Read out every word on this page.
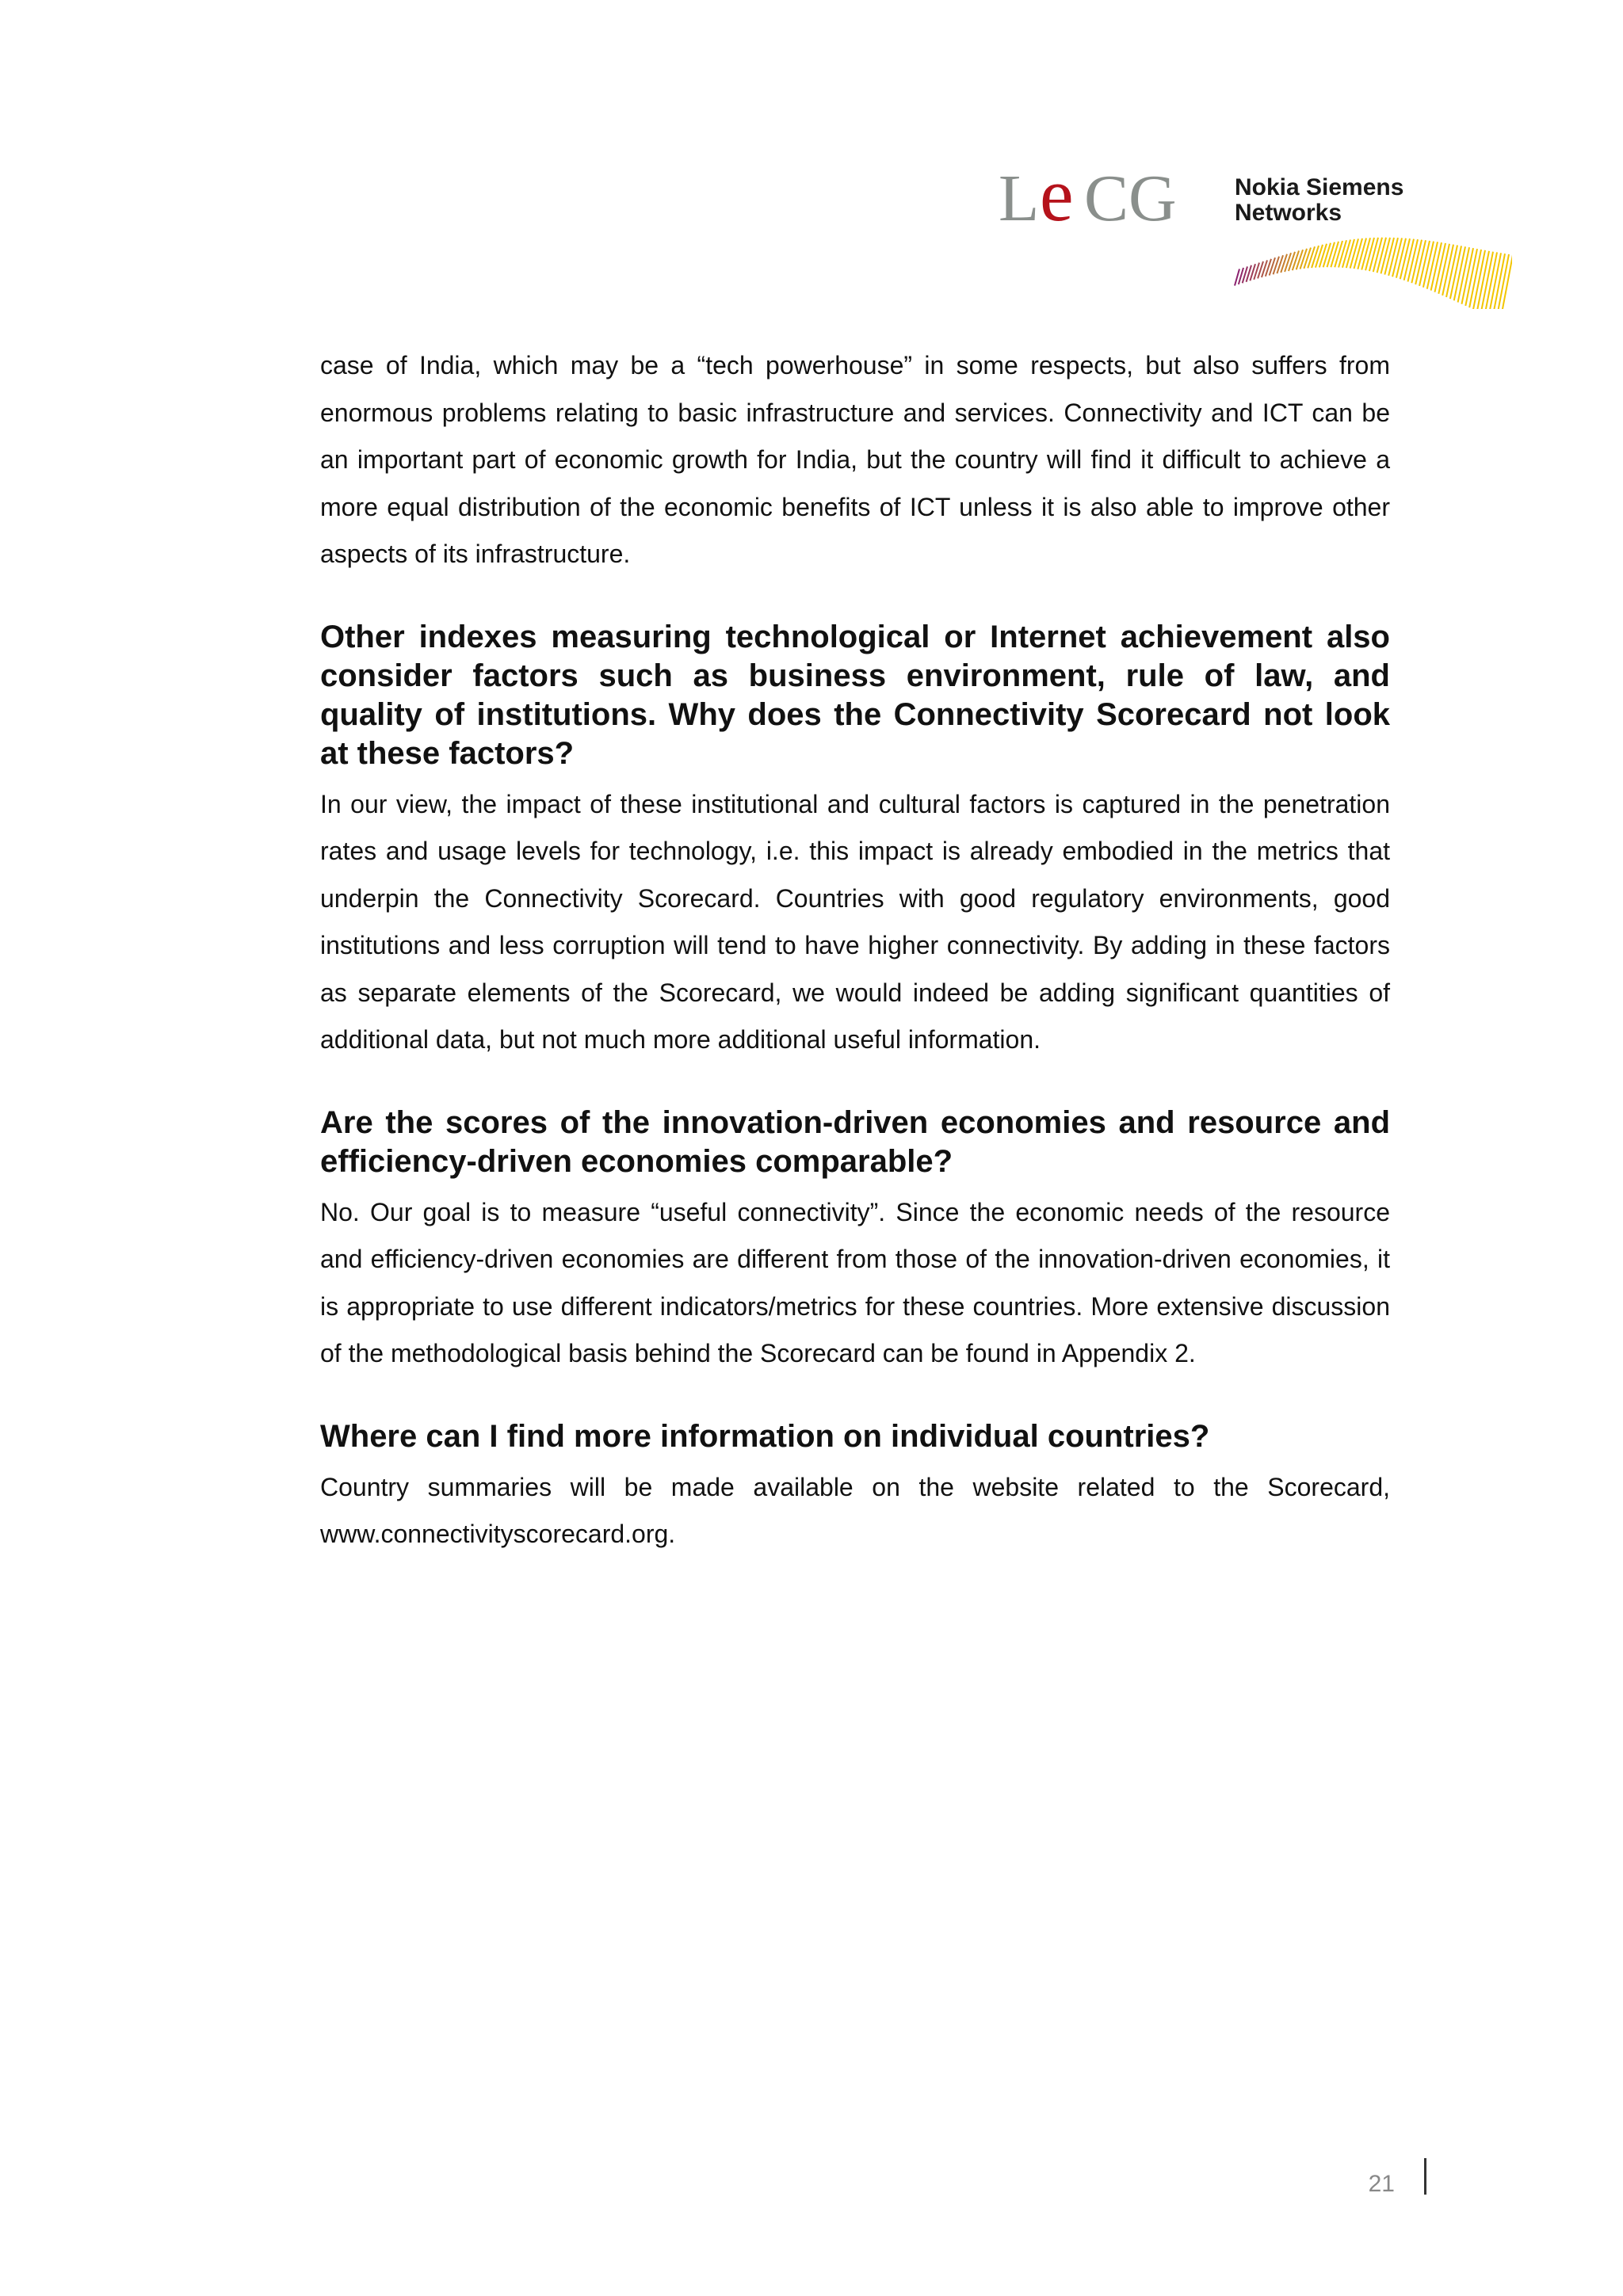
L e CG Nokia Siemens
Networks

case of India, which may be a “tech powerhouse” in some respects, but also suffers from enormous problems relating to basic infrastructure and services. Connectivity and ICT can be an important part of economic growth for India, but the country will find it difficult to achieve a more equal distribution of the economic benefits of ICT unless it is also able to improve other aspects of its infrastructure.

Other indexes measuring technological or Internet achievement also consider factors such as business environment, rule of law, and quality of institutions. Why does the Connectivity Scorecard not look at these factors?

In our view, the impact of these institutional and cultural factors is captured in the penetration rates and usage levels for technology, i.e. this impact is already embodied in the metrics that underpin the Connectivity Scorecard. Countries with good regulatory environments, good institutions and less corruption will tend to have higher connectivity. By adding in these factors as separate elements of the Scorecard, we would indeed be adding significant quantities of additional data, but not much more additional useful information.

Are the scores of the innovation-driven economies and resource and efficiency-driven economies comparable?

No. Our goal is to measure “useful connectivity”. Since the economic needs of the resource and efficiency-driven economies are different from those of the innovation-driven economies, it is appropriate to use different indicators/metrics for these countries. More extensive discussion of the methodological basis behind the Scorecard can be found in Appendix 2.

Where can I find more information on individual countries?

Country summaries will be made available on the website related to the Scorecard, www.connectivityscorecard.org.

21
